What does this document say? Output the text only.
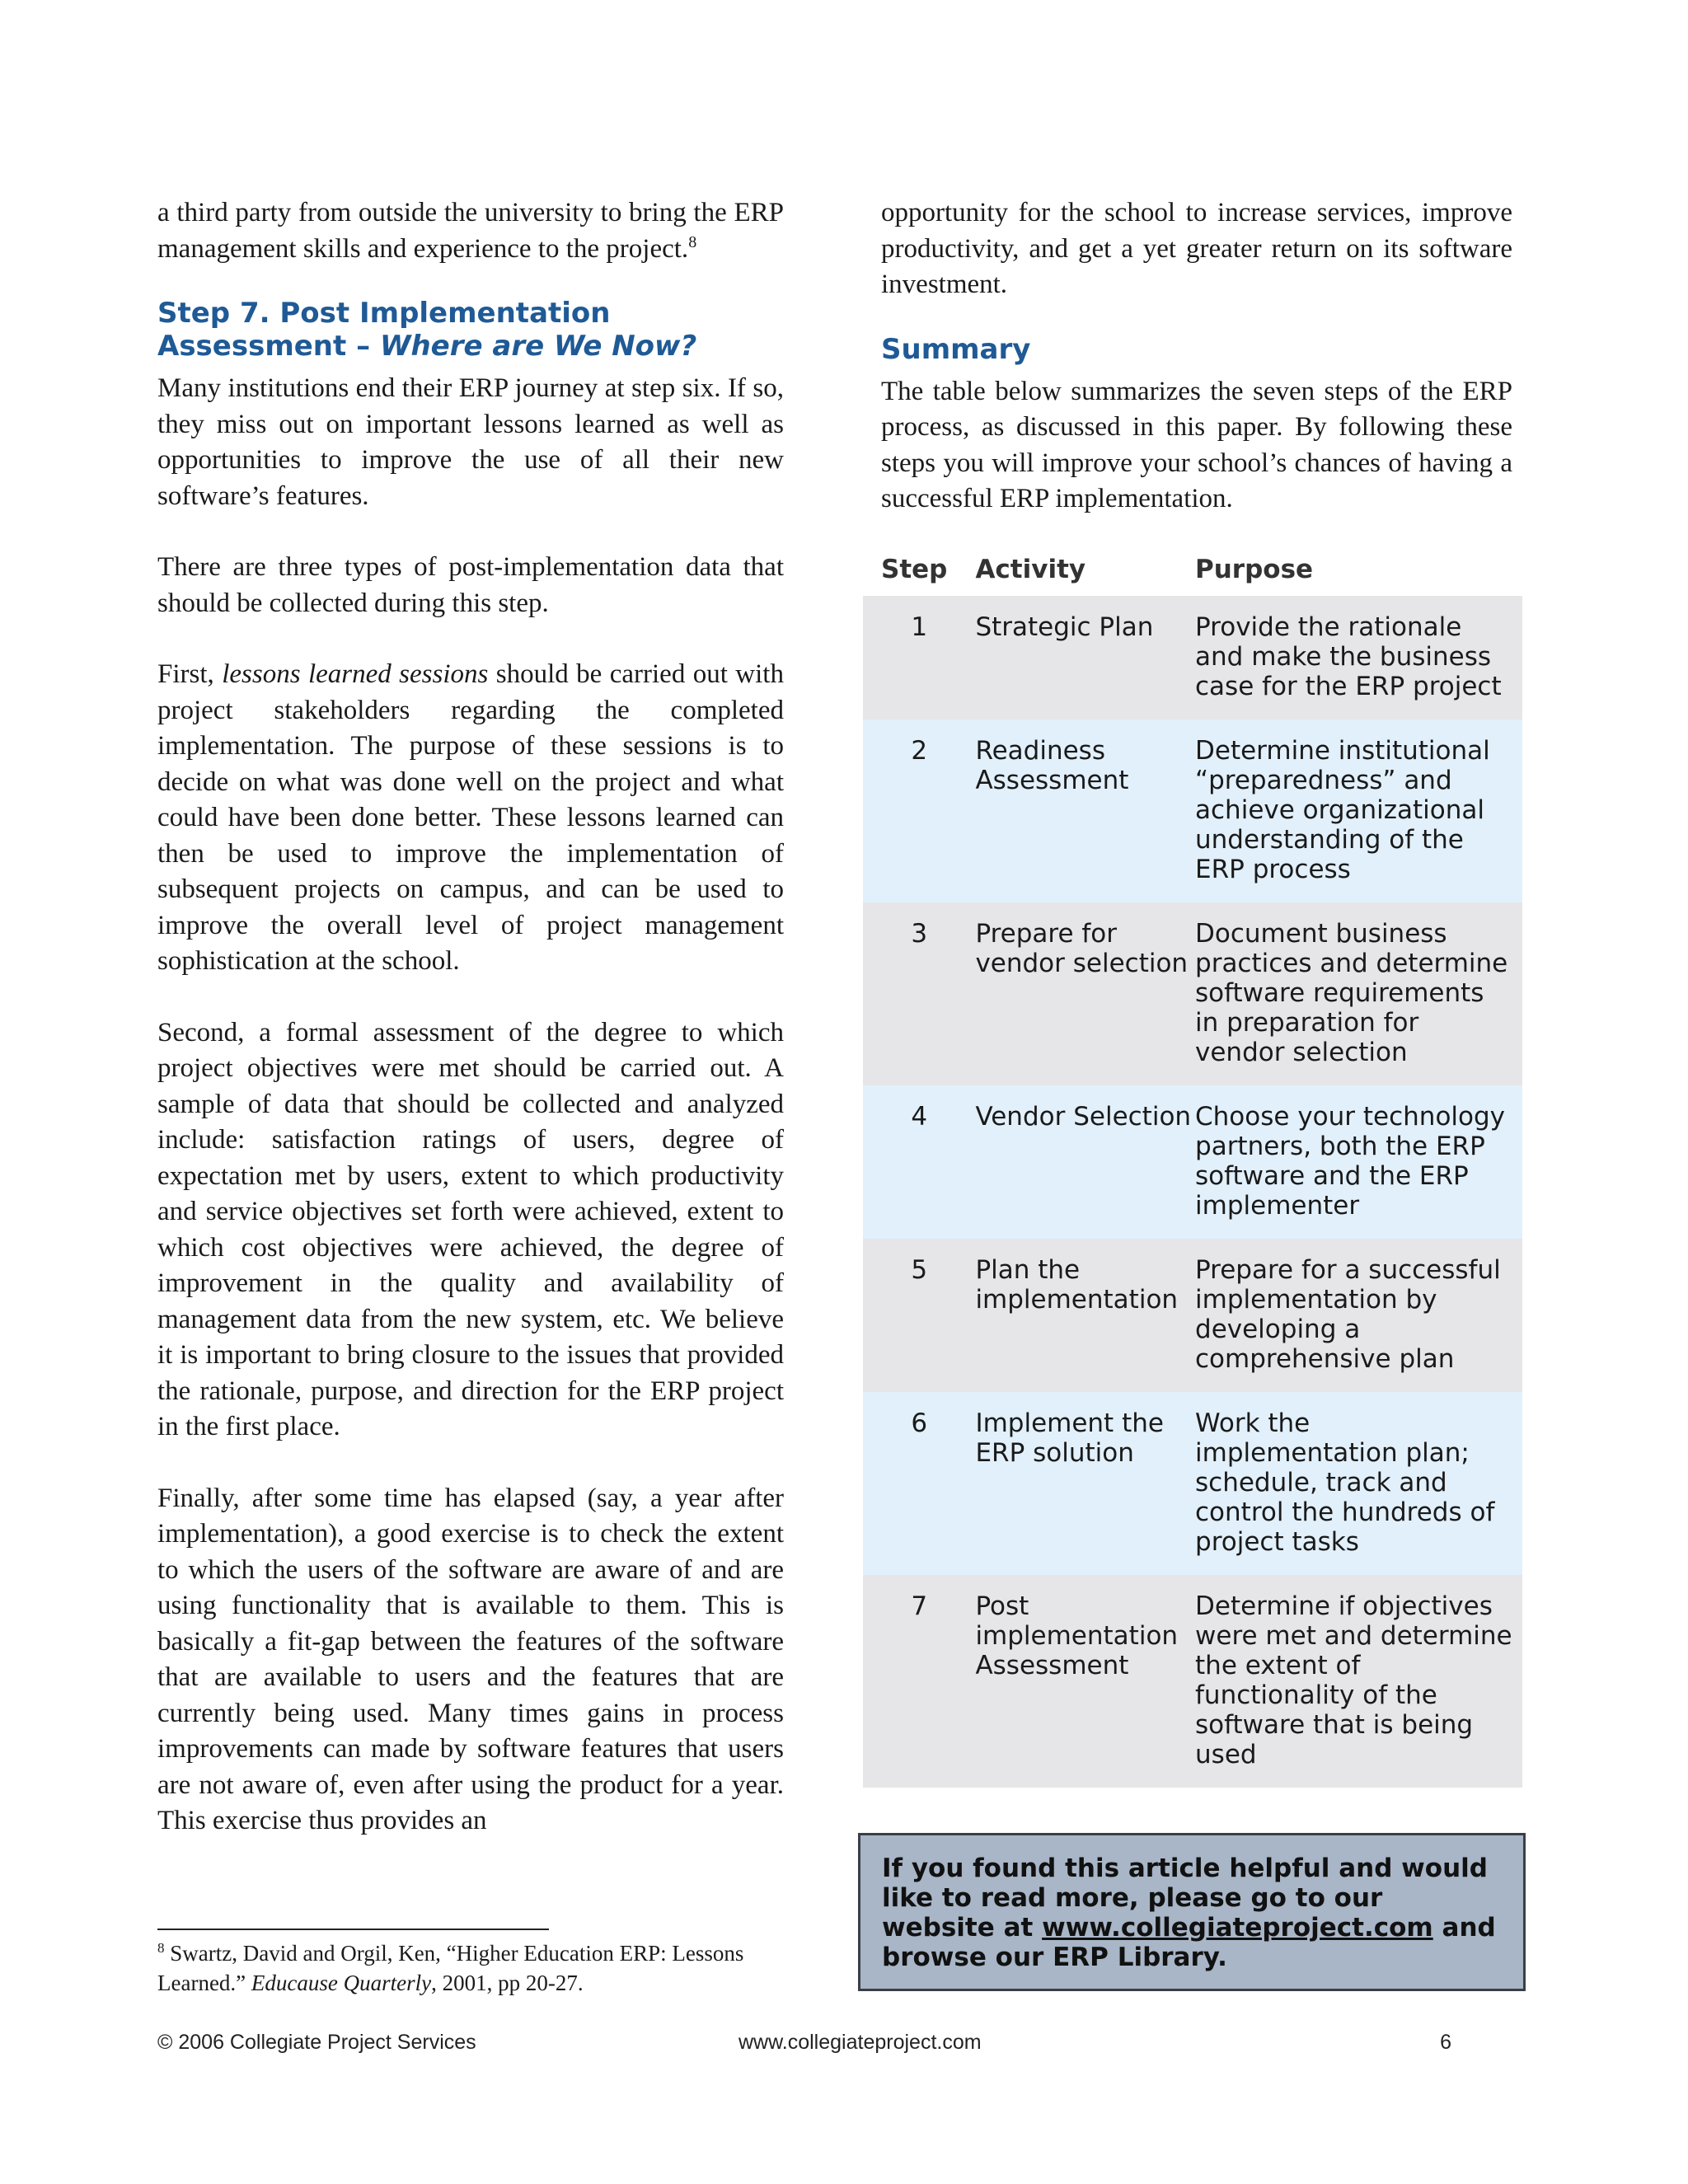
a third party from outside the university to bring the ERP management skills and experience to the project.$^8$

Step 7. Post Implementation
Assessment – Where are We Now?

Many institutions end their ERP journey at step six. If so, they miss out on important lessons learned as well as opportunities to improve the use of all their new software’s features.

There are three types of post-implementation data that should be collected during this step.

First, lessons learned sessions should be carried out with project stakeholders regarding the completed implementation. The purpose of these sessions is to decide on what was done well on the project and what could have been done better. These lessons learned can then be used to improve the implementation of subsequent projects on campus, and can be used to improve the overall level of project management sophistication at the school.

Second, a formal assessment of the degree to which project objectives were met should be carried out. A sample of data that should be collected and analyzed include: satisfaction ratings of users, degree of expectation met by users, extent to which productivity and service objectives set forth were achieved, extent to which cost objectives were achieved, the degree of improvement in the quality and availability of management data from the new system, etc. We believe it is important to bring closure to the issues that provided the rationale, purpose, and direction for the ERP project in the first place.

Finally, after some time has elapsed (say, a year after implementation), a good exercise is to check the extent to which the users of the software are aware of and are using functionality that is available to them. This is basically a fit-gap between the features of the software that are available to users and the features that are currently being used. Many times gains in process improvements can made by software features that users are not aware of, even after using the product for a year. This exercise thus provides an

$^8$ Swartz, David and Orgil, Ken, “Higher Education ERP: Lessons Learned.” Educause Quarterly, 2001, pp 20-27.

opportunity for the school to increase services, improve productivity, and get a yet greater return on its software investment.

Summary

The table below summarizes the seven steps of the ERP process, as discussed in this paper. By following these steps you will improve your school’s chances of having a successful ERP implementation.

Step	Activity	Purpose
1	Strategic Plan	Provide the rationale and make the business case for the ERP project
2	Readiness Assessment	Determine institutional “preparedness” and achieve organizational understanding of the ERP process
3	Prepare for vendor selection	Document business practices and determine software requirements in preparation for vendor selection
4	Vendor Selection	Choose your technology partners, both the ERP software and the ERP implementer
5	Plan the implementation	Prepare for a successful implementation by developing a comprehensive plan
6	Implement the ERP solution	Work the implementation plan; schedule, track and control the hundreds of project tasks
7	Post implementation Assessment	Determine if objectives were met and determine the extent of functionality of the software that is being used
If you found this article helpful and would like to read more, please go to our website at www.collegiateproject.com and browse our ERP Library.
© 2006 Collegiate Project Services	www.collegiateproject.com	6
